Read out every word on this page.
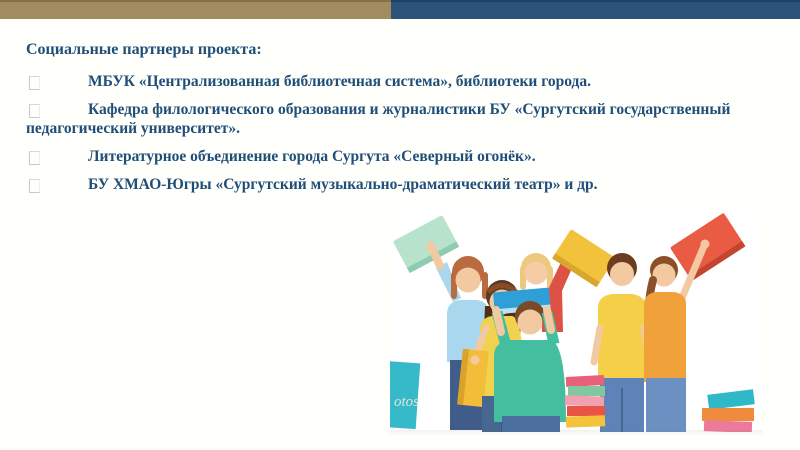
Социальные партнеры проекта:

МБУК «Централизованная библиотечная система», библиотеки города.

Кафедра филологического образования и журналистики БУ «Сургутский государственный педагогический университет».

Литературное объединение города Сургута «Северный огонёк».

БУ ХМАО-Югры «Сургутский музыкально-драматический театр» и др.

otos
